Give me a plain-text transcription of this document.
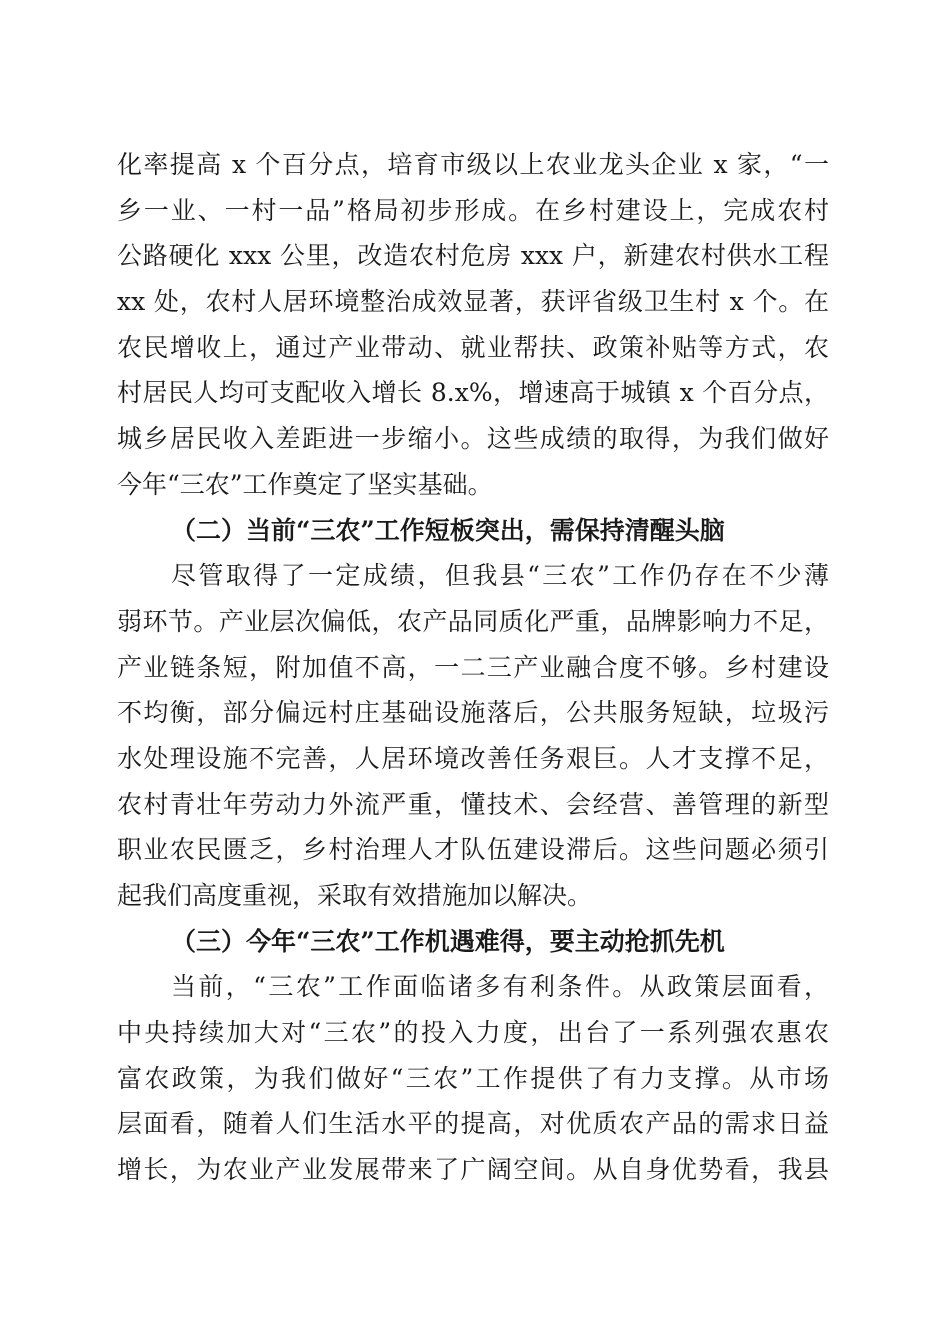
化率提高 x 个百分点，培育市级以上农业龙头企业 x 家，“一
乡一业、一村一品”格局初步形成。在乡村建设上，完成农村
公路硬化 xxx 公里，改造农村危房 xxx 户，新建农村供水工程
xx 处，农村人居环境整治成效显著，获评省级卫生村 x 个。在
农民增收上，通过产业带动、就业帮扶、政策补贴等方式，农
村居民人均可支配收入增长 8.x%，增速高于城镇 x 个百分点，
城乡居民收入差距进一步缩小。这些成绩的取得，为我们做好
今年“三农”工作奠定了坚实基础。
（二）当前“三农”工作短板突出，需保持清醒头脑
尽管取得了一定成绩，但我县“三农”工作仍存在不少薄
弱环节。产业层次偏低，农产品同质化严重，品牌影响力不足，
产业链条短，附加值不高，一二三产业融合度不够。乡村建设
不均衡，部分偏远村庄基础设施落后，公共服务短缺，垃圾污
水处理设施不完善，人居环境改善任务艰巨。人才支撑不足，
农村青壮年劳动力外流严重，懂技术、会经营、善管理的新型
职业农民匮乏，乡村治理人才队伍建设滞后。这些问题必须引
起我们高度重视，采取有效措施加以解决。
（三）今年“三农”工作机遇难得，要主动抢抓先机
当前，“三农”工作面临诸多有利条件。从政策层面看，
中央持续加大对“三农”的投入力度，出台了一系列强农惠农
富农政策，为我们做好“三农”工作提供了有力支撑。从市场
层面看，随着人们生活水平的提高，对优质农产品的需求日益
增长，为农业产业发展带来了广阔空间。从自身优势看，我县
